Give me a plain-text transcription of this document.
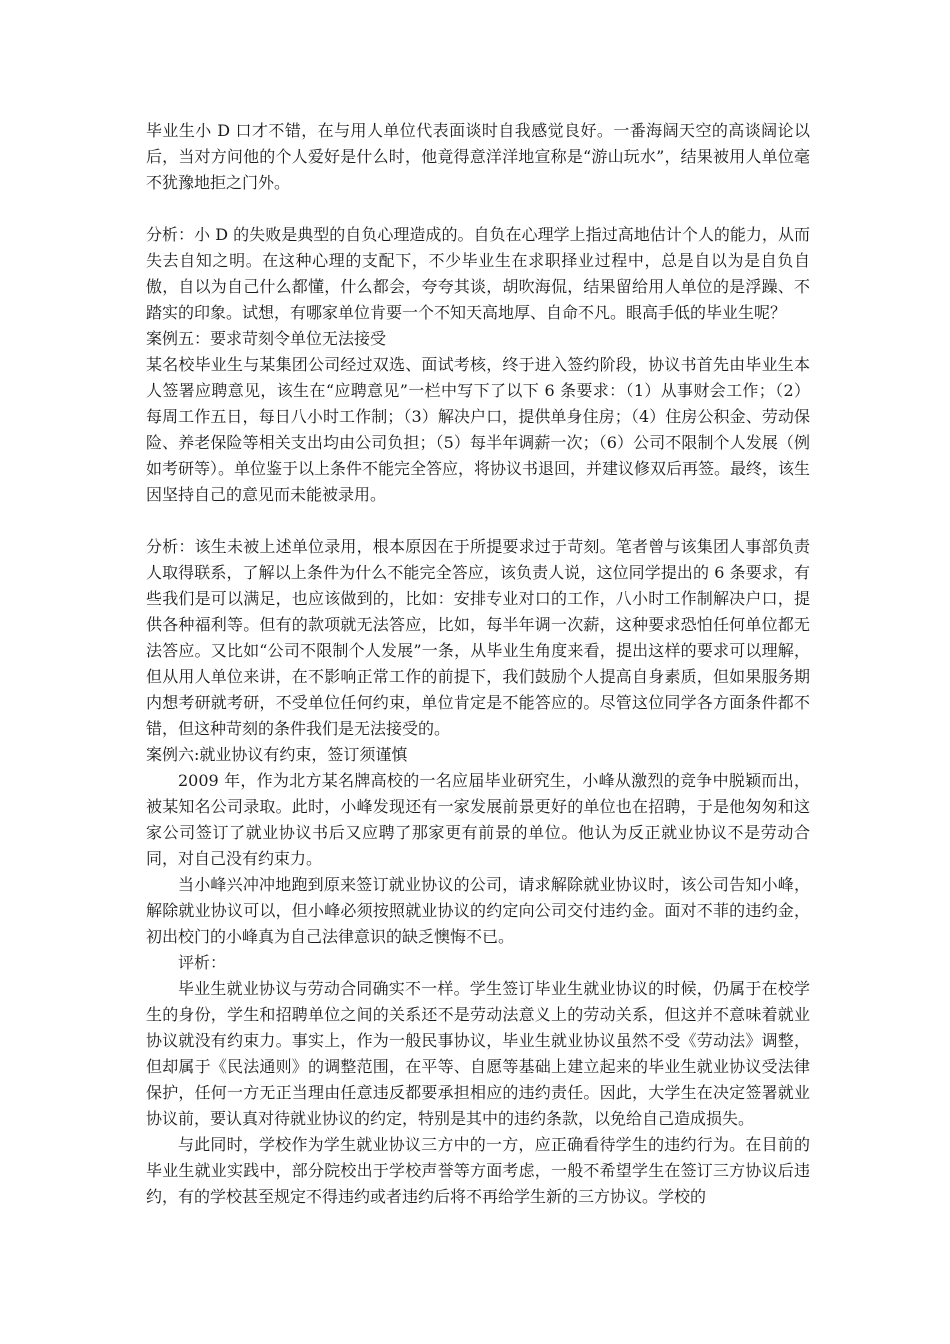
毕业生小 D 口才不错，在与用人单位代表面谈时自我感觉良好。一番海阔天空的高谈阔论以后，当对方问他的个人爱好是什么时，他竟得意洋洋地宣称是“游山玩水”，结果被用人单位毫不犹豫地拒之门外。

分析：小 D 的失败是典型的自负心理造成的。自负在心理学上指过高地估计个人的能力，从而失去自知之明。在这种心理的支配下，不少毕业生在求职择业过程中，总是自以为是自负自傲，自以为自己什么都懂，什么都会，夸夸其谈，胡吹海侃，结果留给用人单位的是浮躁、不踏实的印象。试想，有哪家单位肯要一个不知天高地厚、自命不凡。眼高手低的毕业生呢？

案例五：要求苛刻令单位无法接受

某名校毕业生与某集团公司经过双选、面试考核，终于进入签约阶段，协议书首先由毕业生本人签署应聘意见，该生在“应聘意见”一栏中写下了以下 6 条要求：（1）从事财会工作；（2）每周工作五日，每日八小时工作制；（3）解决户口，提供单身住房；（4）住房公积金、劳动保险、养老保险等相关支出均由公司负担；（5）每半年调薪一次；（6）公司不限制个人发展（例如考研等）。单位鉴于以上条件不能完全答应，将协议书退回，并建议修双后再签。最终，该生因坚持自己的意见而未能被录用。

分析：该生未被上述单位录用，根本原因在于所提要求过于苛刻。笔者曾与该集团人事部负责人取得联系，了解以上条件为什么不能完全答应，该负责人说，这位同学提出的 6 条要求，有些我们是可以满足，也应该做到的，比如：安排专业对口的工作，八小时工作制解决户口，提供各种福利等。但有的款项就无法答应，比如，每半年调一次薪，这种要求恐怕任何单位都无法答应。又比如“公司不限制个人发展”一条，从毕业生角度来看，提出这样的要求可以理解，但从用人单位来讲，在不影响正常工作的前提下，我们鼓励个人提高自身素质，但如果服务期内想考研就考研，不受单位任何约束，单位肯定是不能答应的。尽管这位同学各方面条件都不错，但这种苛刻的条件我们是无法接受的。

案例六:就业协议有约束，签订须谨慎

2009 年，作为北方某名牌高校的一名应届毕业研究生，小峰从激烈的竞争中脱颖而出，被某知名公司录取。此时，小峰发现还有一家发展前景更好的单位也在招聘，于是他匆匆和这家公司签订了就业协议书后又应聘了那家更有前景的单位。他认为反正就业协议不是劳动合同，对自己没有约束力。

当小峰兴冲冲地跑到原来签订就业协议的公司，请求解除就业协议时，该公司告知小峰，解除就业协议可以，但小峰必须按照就业协议的约定向公司交付违约金。面对不菲的违约金，初出校门的小峰真为自己法律意识的缺乏懊悔不已。

评析：

毕业生就业协议与劳动合同确实不一样。学生签订毕业生就业协议的时候，仍属于在校学生的身份，学生和招聘单位之间的关系还不是劳动法意义上的劳动关系，但这并不意味着就业协议就没有约束力。事实上，作为一般民事协议，毕业生就业协议虽然不受《劳动法》调整，但却属于《民法通则》的调整范围，在平等、自愿等基础上建立起来的毕业生就业协议受法律保护，任何一方无正当理由任意违反都要承担相应的违约责任。因此，大学生在决定签署就业协议前，要认真对待就业协议的约定，特别是其中的违约条款，以免给自己造成损失。

与此同时，学校作为学生就业协议三方中的一方，应正确看待学生的违约行为。在目前的毕业生就业实践中，部分院校出于学校声誉等方面考虑，一般不希望学生在签订三方协议后违约，有的学校甚至规定不得违约或者违约后将不再给学生新的三方协议。学校的
